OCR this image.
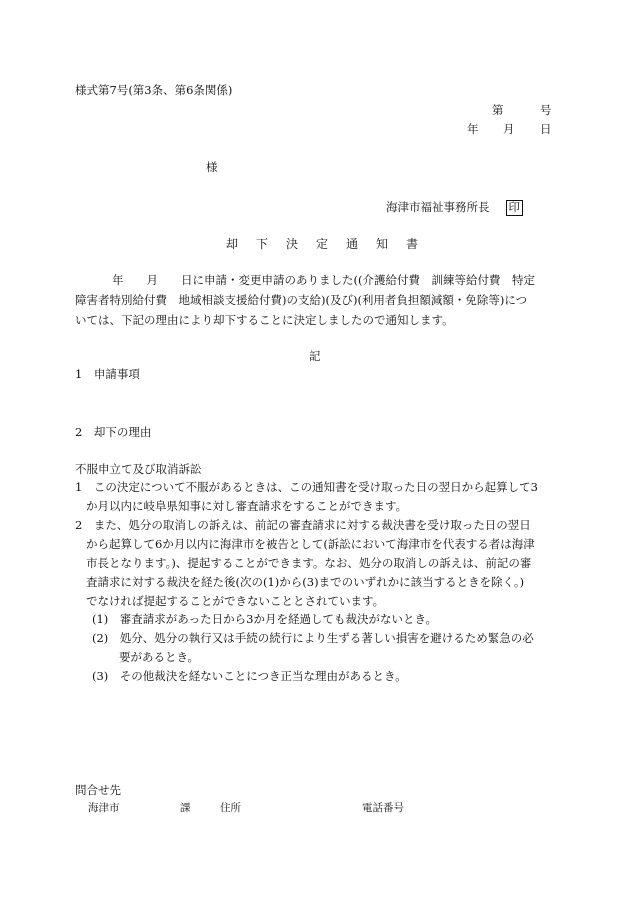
様式第7号(第3条、第6条関係)
第	号
年 月 日
様
海津市福祉事務所長 印
却 下 決 定 通 知 書
年　　月　　日に申請・変更申請のありました((介護給付費　訓練等給付費　特定
障害者特別給付費　地域相談支援給付費)の支給)(及び)(利用者負担額減額・免除等)につ
いては、下記の理由により却下することに決定しましたので通知します。
記
1　申請事項
2　却下の理由
不服申立て及び取消訴訟
1　この決定について不服があるときは、この通知書を受け取った日の翌日から起算して3
か月以内に岐阜県知事に対し審査請求をすることができます。
2　また、処分の取消しの訴えは、前記の審査請求に対する裁決書を受け取った日の翌日
から起算して6か月以内に海津市を被告として(訴訟において海津市を代表する者は海津
市長となります。)、提起することができます。なお、処分の取消しの訴えは、前記の審
査請求に対する裁決を経た後(次の(1)から(3)までのいずれかに該当するときを除く。)
でなければ提起することができないこととされています。
(1)　審査請求があった日から3か月を経過しても裁決がないとき。
(2)　処分、処分の執行又は手続の続行により生ずる著しい損害を避けるため緊急の必
要があるとき。
(3)　その他裁決を経ないことにつき正当な理由があるとき。
問合せ先
海津市	課	住所	電話番号
